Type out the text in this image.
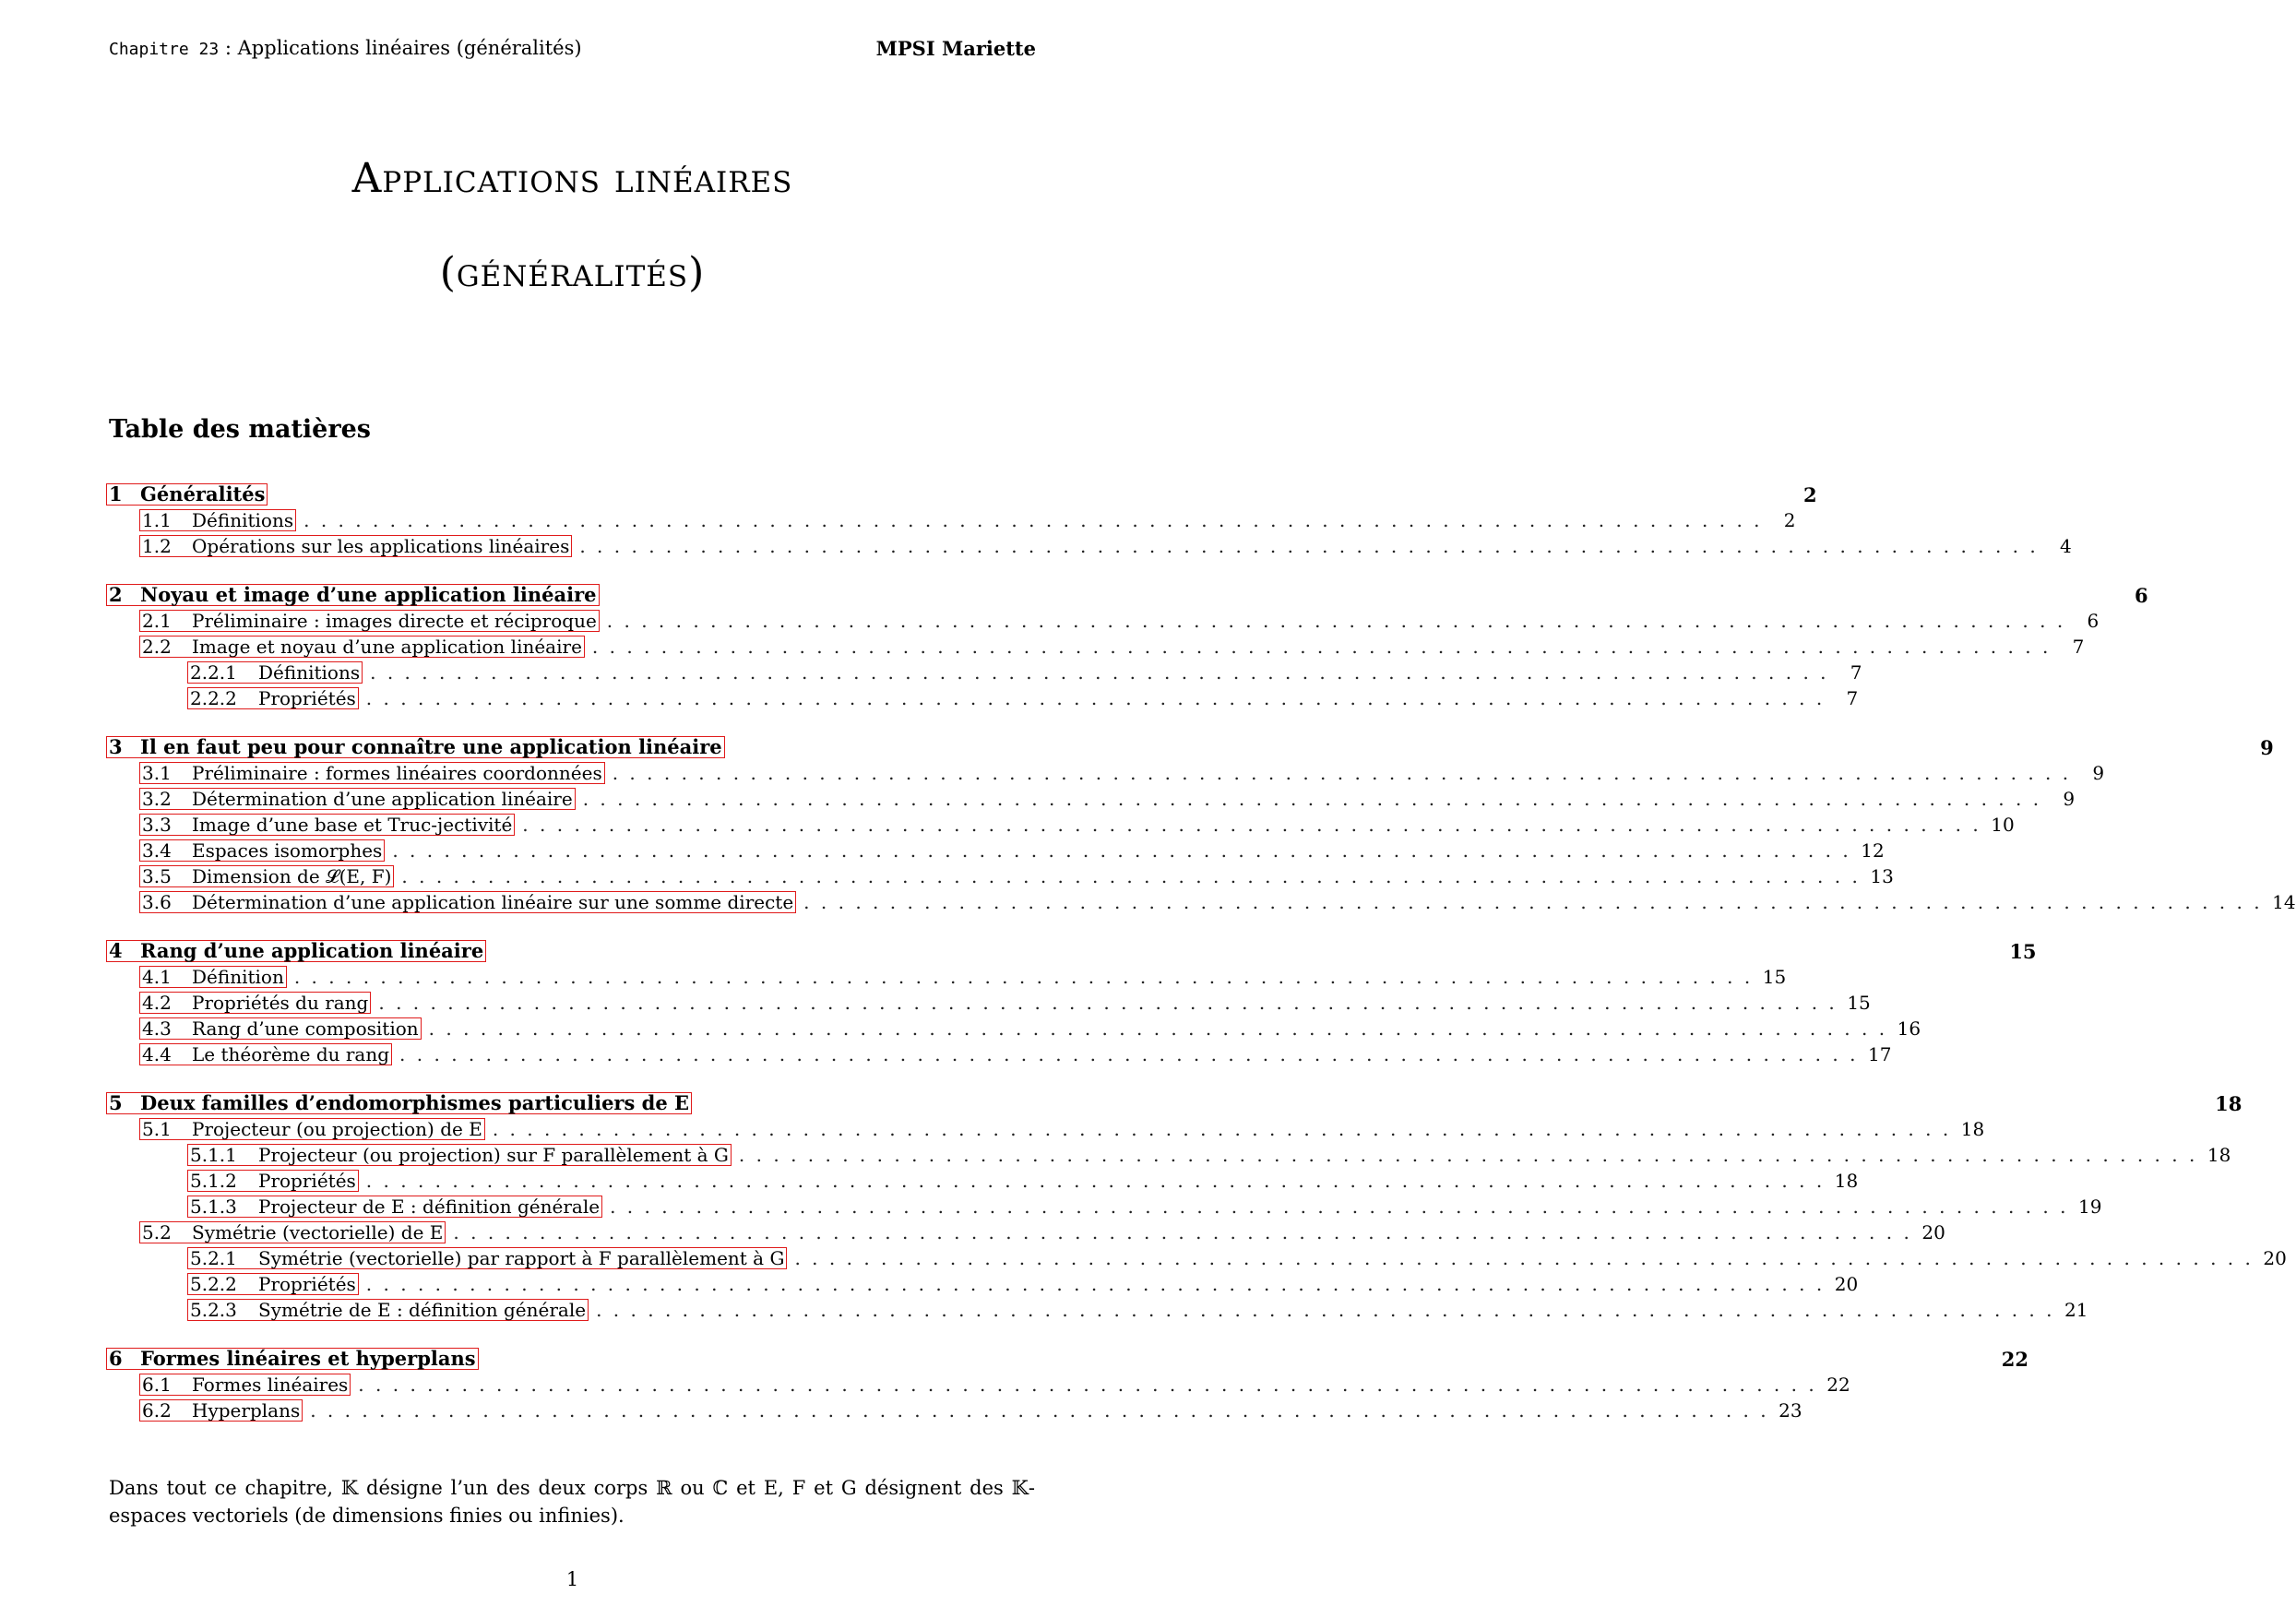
Chapitre 23 : Applications linéaires (généralités)	MPSI Mariette
Applications linéaires
(généralités)
Table des matières
1 Généralités	2
1.1	Définitions . . . . . . . . . . . . . . . . . . . . . . . . . . . . . . . . . . . . . . . . . . . . . . . . . . . . . . . . . . . . . . . . . . . . . . . . . . . . . . . . . . . . .	2
1.2	Opérations sur les applications linéaires . . . . . . . . . . . . . . . . . . . . . . . . . . . . . . . . . . . . . . . . . . . . . . . . . . . . . . . . . . . . . . . . . . . . . . . . . . . . . . . . . . . . .	4
2 Noyau et image d’une application linéaire	6
2.1	Préliminaire : images directe et réciproque . . . . . . . . . . . . . . . . . . . . . . . . . . . . . . . . . . . . . . . . . . . . . . . . . . . . . . . . . . . . . . . . . . . . . . . . . . . . . . . . . . . . .	6
2.2	Image et noyau d’une application linéaire . . . . . . . . . . . . . . . . . . . . . . . . . . . . . . . . . . . . . . . . . . . . . . . . . . . . . . . . . . . . . . . . . . . . . . . . . . . . . . . . . . . . .	7
2.2.1	Définitions . . . . . . . . . . . . . . . . . . . . . . . . . . . . . . . . . . . . . . . . . . . . . . . . . . . . . . . . . . . . . . . . . . . . . . . . . . . . . . . . . . . . .	7
2.2.2	Propriétés . . . . . . . . . . . . . . . . . . . . . . . . . . . . . . . . . . . . . . . . . . . . . . . . . . . . . . . . . . . . . . . . . . . . . . . . . . . . . . . . . . . . .	7
3 Il en faut peu pour connaître une application linéaire	9
3.1	Préliminaire : formes linéaires coordonnées . . . . . . . . . . . . . . . . . . . . . . . . . . . . . . . . . . . . . . . . . . . . . . . . . . . . . . . . . . . . . . . . . . . . . . . . . . . . . . . . . . . . .	9
3.2	Détermination d’une application linéaire . . . . . . . . . . . . . . . . . . . . . . . . . . . . . . . . . . . . . . . . . . . . . . . . . . . . . . . . . . . . . . . . . . . . . . . . . . . . . . . . . . . . .	9
3.3	Image d’une base et Truc-jectivité . . . . . . . . . . . . . . . . . . . . . . . . . . . . . . . . . . . . . . . . . . . . . . . . . . . . . . . . . . . . . . . . . . . . . . . . . . . . . . . . . . . . . 10
3.4	Espaces isomorphes . . . . . . . . . . . . . . . . . . . . . . . . . . . . . . . . . . . . . . . . . . . . . . . . . . . . . . . . . . . . . . . . . . . . . . . . . . . . . . . . . . . . . 12
3.5	Dimension de 𝓛(E, F) . . . . . . . . . . . . . . . . . . . . . . . . . . . . . . . . . . . . . . . . . . . . . . . . . . . . . . . . . . . . . . . . . . . . . . . . . . . . . . . . . . . . . 13
3.6	Détermination d’une application linéaire sur une somme directe . . . . . . . . . . . . . . . . . . . . . . . . . . . . . . . . . . . . . . . . . . . . . . . . . . . . . . . . . . . . . . . . . . . . . . . . . . . . . . . . . . . . . 14
4 Rang d’une application linéaire	15
4.1	Définition . . . . . . . . . . . . . . . . . . . . . . . . . . . . . . . . . . . . . . . . . . . . . . . . . . . . . . . . . . . . . . . . . . . . . . . . . . . . . . . . . . . . . 15
4.2	Propriétés du rang . . . . . . . . . . . . . . . . . . . . . . . . . . . . . . . . . . . . . . . . . . . . . . . . . . . . . . . . . . . . . . . . . . . . . . . . . . . . . . . . . . . . . 15
4.3	Rang d’une composition . . . . . . . . . . . . . . . . . . . . . . . . . . . . . . . . . . . . . . . . . . . . . . . . . . . . . . . . . . . . . . . . . . . . . . . . . . . . . . . . . . . . . 16
4.4	Le théorème du rang . . . . . . . . . . . . . . . . . . . . . . . . . . . . . . . . . . . . . . . . . . . . . . . . . . . . . . . . . . . . . . . . . . . . . . . . . . . . . . . . . . . . . 17
5 Deux familles d’endomorphismes particuliers de E	18
5.1	Projecteur (ou projection) de E . . . . . . . . . . . . . . . . . . . . . . . . . . . . . . . . . . . . . . . . . . . . . . . . . . . . . . . . . . . . . . . . . . . . . . . . . . . . . . . . . . . . . 18
5.1.1	Projecteur (ou projection) sur F parallèlement à G . . . . . . . . . . . . . . . . . . . . . . . . . . . . . . . . . . . . . . . . . . . . . . . . . . . . . . . . . . . . . . . . . . . . . . . . . . . . . . . . . . . . . 18
5.1.2	Propriétés . . . . . . . . . . . . . . . . . . . . . . . . . . . . . . . . . . . . . . . . . . . . . . . . . . . . . . . . . . . . . . . . . . . . . . . . . . . . . . . . . . . . . 18
5.1.3	Projecteur de E : définition générale . . . . . . . . . . . . . . . . . . . . . . . . . . . . . . . . . . . . . . . . . . . . . . . . . . . . . . . . . . . . . . . . . . . . . . . . . . . . . . . . . . . . . 19
5.2	Symétrie (vectorielle) de E . . . . . . . . . . . . . . . . . . . . . . . . . . . . . . . . . . . . . . . . . . . . . . . . . . . . . . . . . . . . . . . . . . . . . . . . . . . . . . . . . . . . . 20
5.2.1	Symétrie (vectorielle) par rapport à F parallèlement à G . . . . . . . . . . . . . . . . . . . . . . . . . . . . . . . . . . . . . . . . . . . . . . . . . . . . . . . . . . . . . . . . . . . . . . . . . . . . . . . . . . . . . 20
5.2.2	Propriétés . . . . . . . . . . . . . . . . . . . . . . . . . . . . . . . . . . . . . . . . . . . . . . . . . . . . . . . . . . . . . . . . . . . . . . . . . . . . . . . . . . . . . 20
5.2.3	Symétrie de E : définition générale . . . . . . . . . . . . . . . . . . . . . . . . . . . . . . . . . . . . . . . . . . . . . . . . . . . . . . . . . . . . . . . . . . . . . . . . . . . . . . . . . . . . . 21
6 Formes linéaires et hyperplans	22
6.1	Formes linéaires . . . . . . . . . . . . . . . . . . . . . . . . . . . . . . . . . . . . . . . . . . . . . . . . . . . . . . . . . . . . . . . . . . . . . . . . . . . . . . . . . . . . . 22
6.2	Hyperplans . . . . . . . . . . . . . . . . . . . . . . . . . . . . . . . . . . . . . . . . . . . . . . . . . . . . . . . . . . . . . . . . . . . . . . . . . . . . . . . . . . . . . 23
Dans tout ce chapitre, 𝕂 désigne l’un des deux corps ℝ ou ℂ et E, F et G désignent des 𝕂-espaces vectoriels (de dimensions finies ou infinies).
1
